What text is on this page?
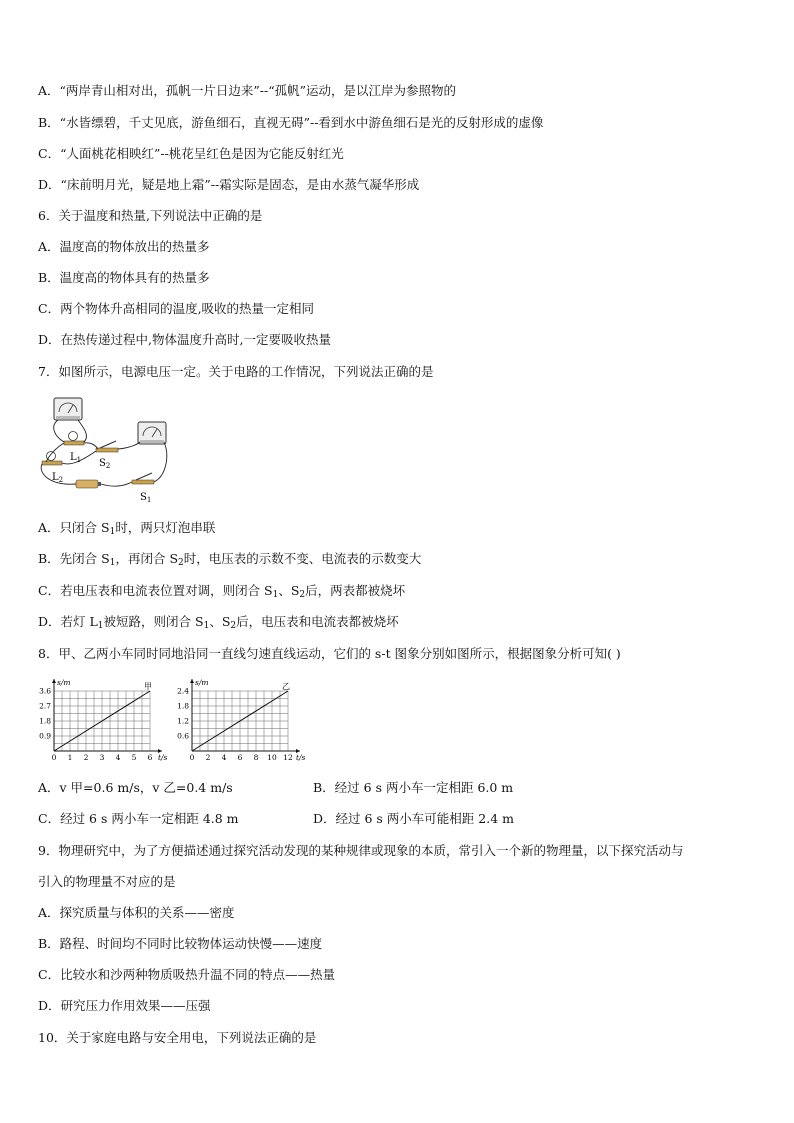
A．“两岸青山相对出，孤帆一片日边来”--“孤帆”运动，是以江岸为参照物的
B．“水皆缥碧，千丈见底，游鱼细石，直视无碍”--看到水中游鱼细石是光的反射形成的虚像
C．“人面桃花相映红”--桃花呈红色是因为它能反射红光
D．“床前明月光，疑是地上霜”--霜实际是固态，是由水蒸气凝华形成
6．关于温度和热量,下列说法中正确的是
A．温度高的物体放出的热量多
B．温度高的物体具有的热量多
C．两个物体升高相同的温度,吸收的热量一定相同
D．在热传递过程中,物体温度升高时,一定要吸收热量
7．如图所示，电源电压一定。关于电路的工作情况，下列说法正确的是
$L_1$ $S_2$
$L_2$
$S_1$
A．只闭合 $S_1$时，两只灯泡串联
B．先闭合 $S_1$，再闭合 $S_2$时，电压表的示数不变、电流表的示数变大
C．若电压表和电流表位置对调，则闭合 $S_1$、$S_2$后，两表都被烧坏
D．若灯 $L_1$被短路，则闭合 $S_1$、$S_2$后，电压表和电流表都被烧坏
8．甲、乙两小车同时同地沿同一直线匀速直线运动，它们的 s-t 图象分别如图所示，根据图象分析可知( )
0 1 2 3 4 5 6
0.9
1.8
2.7
3.6
s/m
t/s
甲
0 2 4 6 8 10 12
0.6
1.2
1.8
2.4
s/m
t/s
乙
A．v 甲=0.6 m/s，v 乙=0.4 m/s	B．经过 6 s 两小车一定相距 6.0 m
C．经过 6 s 两小车一定相距 4.8 m	D．经过 6 s 两小车可能相距 2.4 m
9．物理研究中，为了方便描述通过探究活动发现的某种规律或现象的本质，常引入一个新的物理量，以下探究活动与
引入的物理量不对应的是
A．探究质量与体积的关系——密度
B．路程、时间均不同时比较物体运动快慢——速度
C．比较水和沙两种物质吸热升温不同的特点——热量
D．研究压力作用效果——压强
10．关于家庭电路与安全用电，下列说法正确的是
